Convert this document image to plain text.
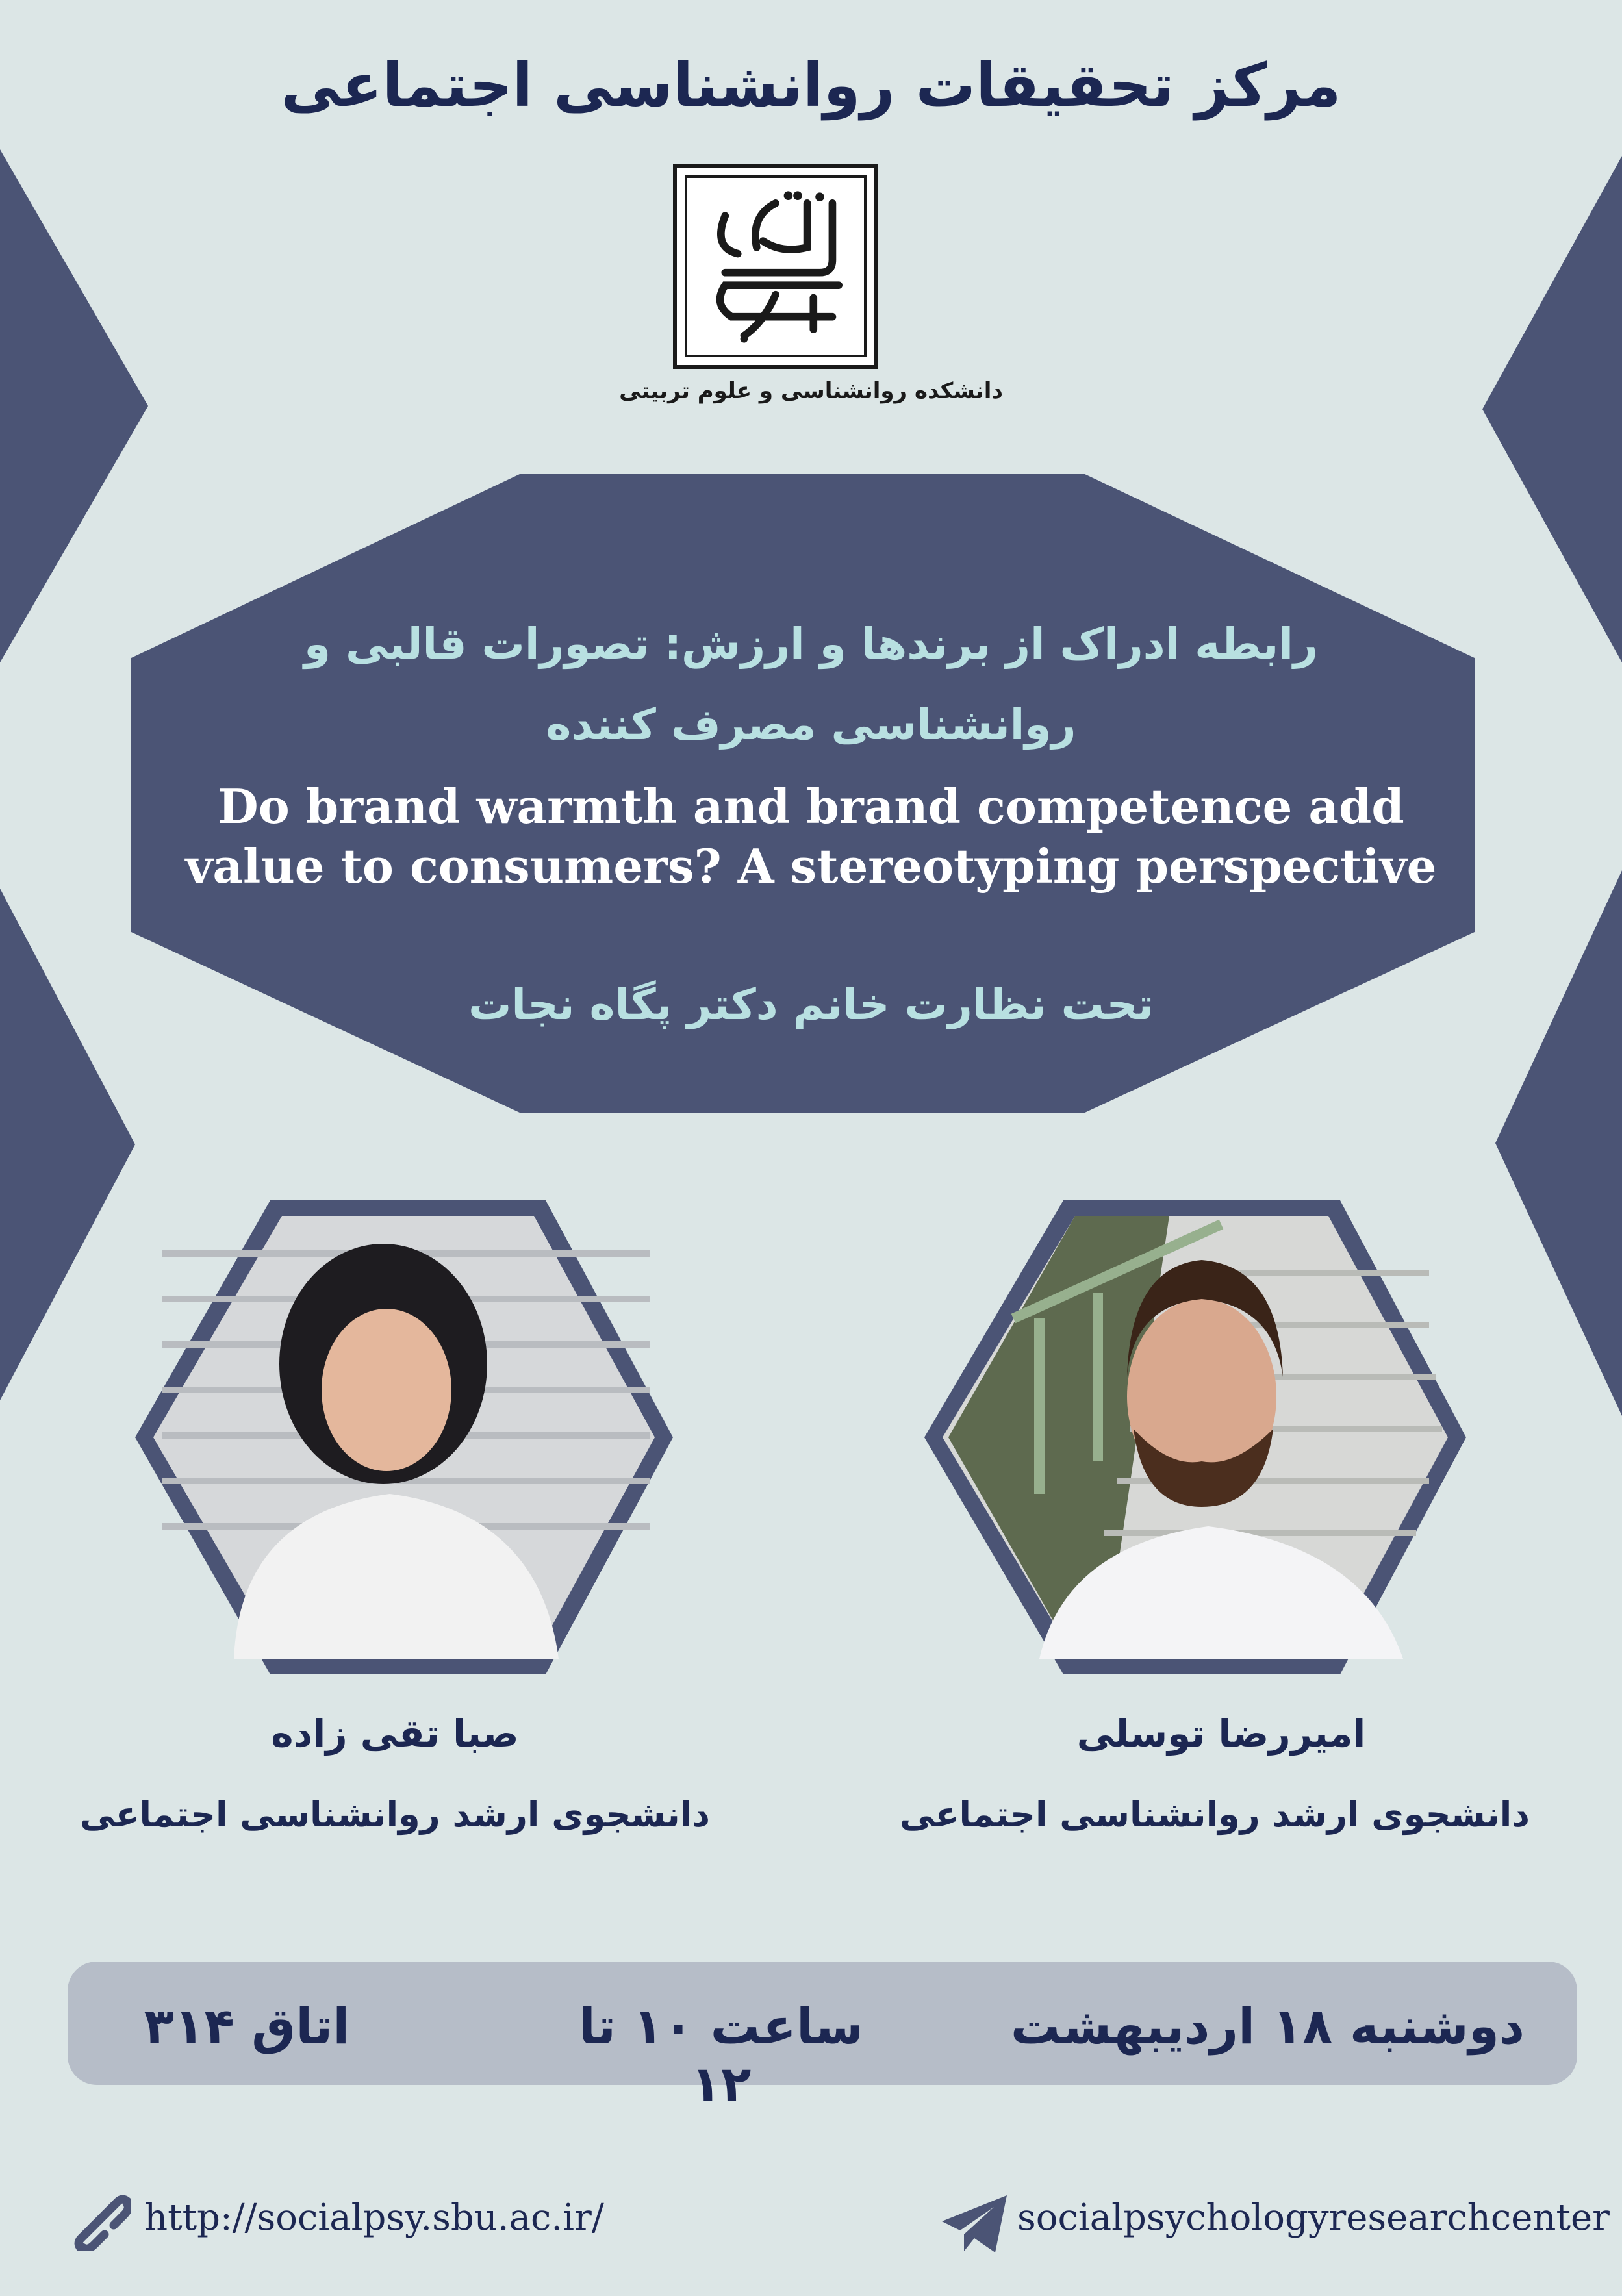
مرکز تحقیقات روانشناسی اجتماعی
دانشکده روانشناسی و علوم تربیتی
رابطه ادراک از برندها و ارزش: تصورات قالبی و
روانشناسی مصرف کننده
Do brand warmth and brand competence add
value to consumers? A stereotyping perspective
تحت نظارت خانم دکتر پگاه نجات
صبا تقی زاده
دانشجوی ارشد روانشناسی اجتماعی
امیررضا توسلی
دانشجوی ارشد روانشناسی اجتماعی
دوشنبه ۱۸ اردیبهشت
ساعت ۱۰ تا ۱۲
اتاق ۳۱۴
http://socialpsy.sbu.ac.ir/	socialpsychologyresearchcenter
